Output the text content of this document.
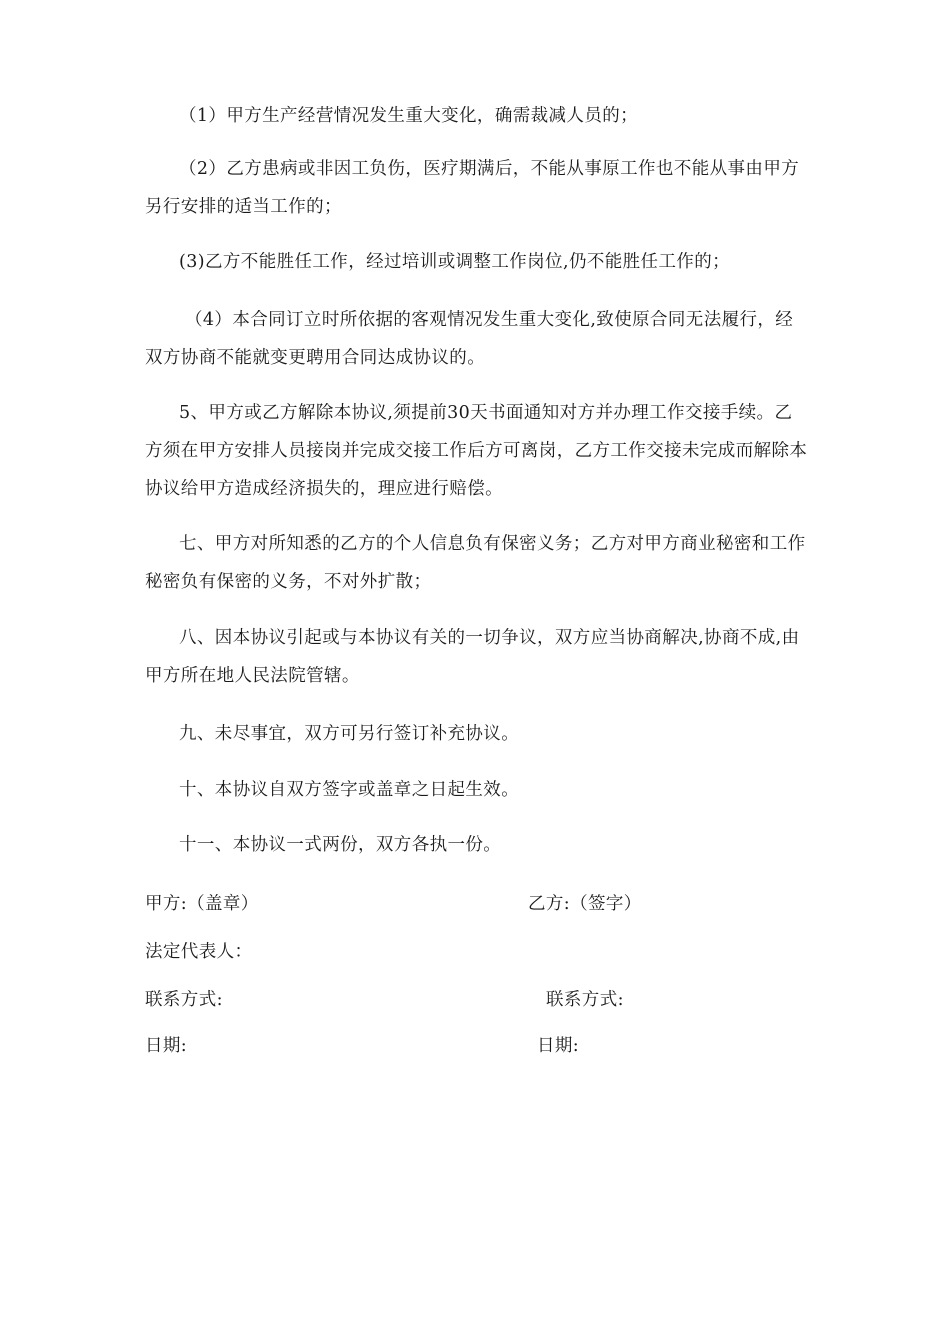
（1）甲方生产经营情况发生重大变化，确需裁减人员的；

（2）乙方患病或非因工负伤，医疗期满后，不能从事原工作也不能从事由甲方另行安排的适当工作的；

(3)乙方不能胜任工作，经过培训或调整工作岗位,仍不能胜任工作的；

（4）本合同订立时所依据的客观情况发生重大变化,致使原合同无法履行，经双方协商不能就变更聘用合同达成协议的。

5、甲方或乙方解除本协议,须提前30天书面通知对方并办理工作交接手续。乙方须在甲方安排人员接岗并完成交接工作后方可离岗，乙方工作交接未完成而解除本协议给甲方造成经济损失的，理应进行赔偿。

七、甲方对所知悉的乙方的个人信息负有保密义务；乙方对甲方商业秘密和工作秘密负有保密的义务，不对外扩散；

八、因本协议引起或与本协议有关的一切争议，双方应当协商解决,协商不成,由甲方所在地人民法院管辖。

九、未尽事宜，双方可另行签订补充协议。

十、本协议自双方签字或盖章之日起生效。

十一、本协议一式两份，双方各执一份。

甲方:（盖章）	乙方:（签字）
法定代表人：
联系方式:	联系方式:
日期:	日期:
